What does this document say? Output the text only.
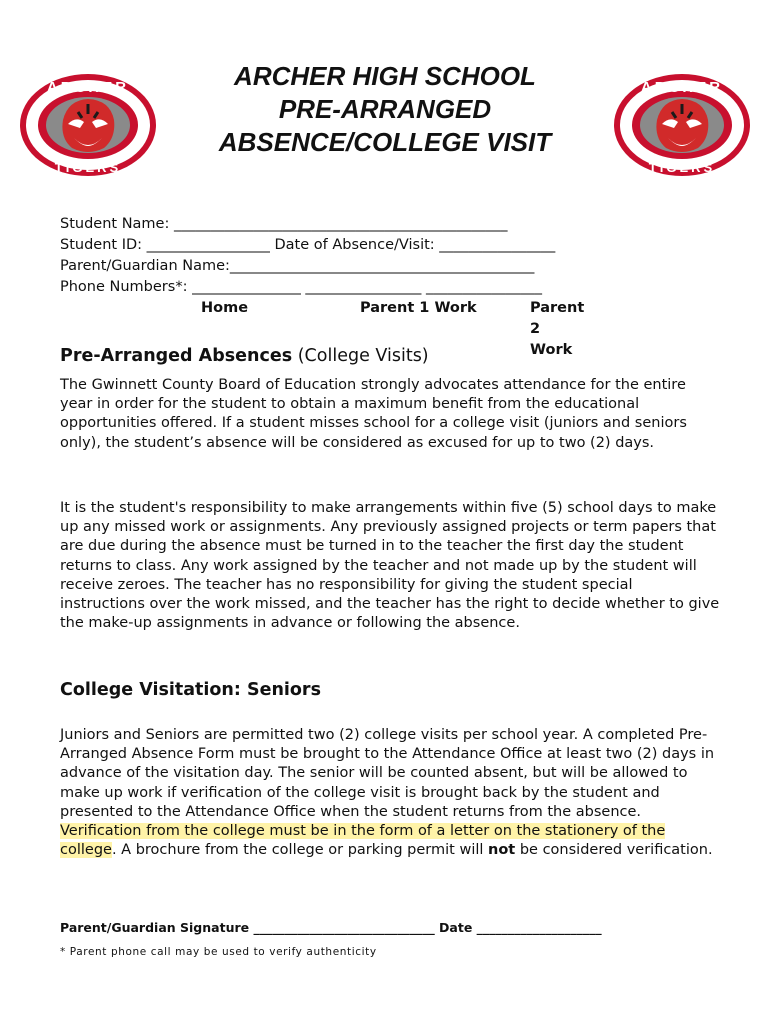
ARCHER
TIGERS
ARCHER
TIGERS
ARCHER HIGH SCHOOL
PRE-ARRANGED
ABSENCE/COLLEGE VISIT
Student Name: ______________________________________________
Student ID: _________________ Date of Absence/Visit: ________________
Parent/Guardian Name:__________________________________________
Phone Numbers*: _______________ ________________ ________________
Home	Parent 1 Work	Parent 2 Work
Pre-Arranged Absences (College Visits)
The Gwinnett County Board of Education strongly advocates attendance for the entire year in order for the student to obtain a maximum benefit from the educational opportunities offered. If a student misses school for a college visit (juniors and seniors only), the student’s absence will be considered as excused for up to two (2) days.
It is the student's responsibility to make arrangements within five (5) school days to make up any missed work or assignments. Any previously assigned projects or term papers that are due during the absence must be turned in to the teacher the first day the student returns to class. Any work assigned by the teacher and not made up by the student will receive zeroes. The teacher has no responsibility for giving the student special instructions over the work missed, and the teacher has the right to decide whether to give the make-up assignments in advance or following the absence.
College Visitation: Seniors
Juniors and Seniors are permitted two (2) college visits per school year. A completed Pre-Arranged Absence Form must be brought to the Attendance Office at least two (2) days in advance of the visitation day. The senior will be counted absent, but will be allowed to make up work if verification of the college visit is brought back by the student and presented to the Attendance Office when the student returns from the absence. Verification from the college must be in the form of a letter on the stationery of the college. A brochure from the college or parking permit will not be considered verification.
Parent/Guardian Signature _____________________________ Date ____________________
* Parent phone call may be used to verify authenticity
